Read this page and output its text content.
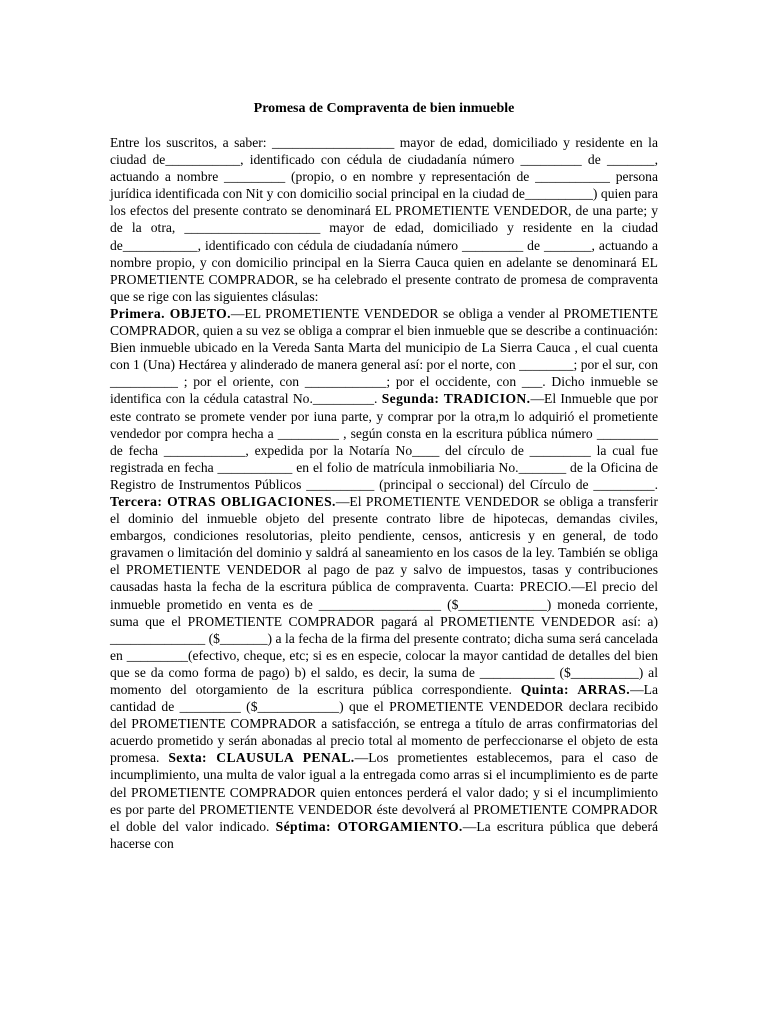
Promesa de Compraventa de bien inmueble

Entre los suscritos, a saber: __________________ mayor de edad, domiciliado y residente en la ciudad de___________, identificado con cédula de ciudadanía número _________ de _______, actuando a nombre _________ (propio, o en nombre y representación de ___________ persona jurídica identificada con Nit y con domicilio social principal en la ciudad de__________) quien para los efectos del presente contrato se denominará EL PROMETIENTE VENDEDOR, de una parte; y de la otra, ____________________ mayor de edad, domiciliado y residente en la ciudad de___________, identificado con cédula de ciudadanía número _________ de _______, actuando a nombre propio, y con domicilio principal en la Sierra Cauca quien en adelante se denominará EL PROMETIENTE COMPRADOR, se ha celebrado el presente contrato de promesa de compraventa que se rige con las siguientes clásulas:

Primera. OBJETO.—EL PROMETIENTE VENDEDOR se obliga a vender al PROMETIENTE COMPRADOR, quien a su vez se obliga a comprar el bien inmueble que se describe a continuación: Bien inmueble ubicado en la Vereda Santa Marta del municipio de La Sierra Cauca , el cual cuenta con 1 (Una) Hectárea y alinderado de manera general así: por el norte, con ________; por el sur, con __________ ; por el oriente, con ____________; por el occidente, con ___. Dicho inmueble se identifica con la cédula catastral No._________. Segunda: TRADICION.—El Inmueble que por este contrato se promete vender por iuna parte, y comprar por la otra,m lo adquirió el prometiente vendedor por compra hecha a _________ , según consta en la escritura pública número _________ de fecha ____________, expedida por la Notaría No____ del círculo de _________ la cual fue registrada en fecha ___________ en el folio de matrícula inmobiliaria No._______ de la Oficina de Registro de Instrumentos Públicos __________ (principal o seccional) del Círculo de _________. Tercera: OTRAS OBLIGACIONES.—El PROMETIENTE VENDEDOR se obliga a transferir el dominio del inmueble objeto del presente contrato libre de hipotecas, demandas civiles, embargos, condiciones resolutorias, pleito pendiente, censos, anticresis y en general, de todo gravamen o limitación del dominio y saldrá al saneamiento en los casos de la ley. También se obliga el PROMETIENTE VENDEDOR al pago de paz y salvo de impuestos, tasas y contribuciones causadas hasta la fecha de la escritura pública de compraventa. Cuarta: PRECIO.—El precio del inmueble prometido en venta es de __________________ ($_____________) moneda corriente, suma que el PROMETIENTE COMPRADOR pagará al PROMETIENTE VENDEDOR así: a) ______________ ($_______) a la fecha de la firma del presente contrato; dicha suma será cancelada en _________(efectivo, cheque, etc; si es en especie, colocar la mayor cantidad de detalles del bien que se da como forma de pago) b) el saldo, es decir, la suma de ___________ ($__________) al momento del otorgamiento de la escritura pública correspondiente. Quinta: ARRAS.—La cantidad de _________ ($____________) que el PROMETIENTE VENDEDOR declara recibido del PROMETIENTE COMPRADOR a satisfacción, se entrega a título de arras confirmatorias del acuerdo prometido y serán abonadas al precio total al momento de perfeccionarse el objeto de esta promesa. Sexta: CLAUSULA PENAL.—Los prometientes establecemos, para el caso de incumplimiento, una multa de valor igual a la entregada como arras si el incumplimiento es de parte del PROMETIENTE COMPRADOR quien entonces perderá el valor dado; y si el incumplimiento es por parte del PROMETIENTE VENDEDOR éste devolverá al PROMETIENTE COMPRADOR el doble del valor indicado. Séptima: OTORGAMIENTO.—La escritura pública que deberá hacerse con
